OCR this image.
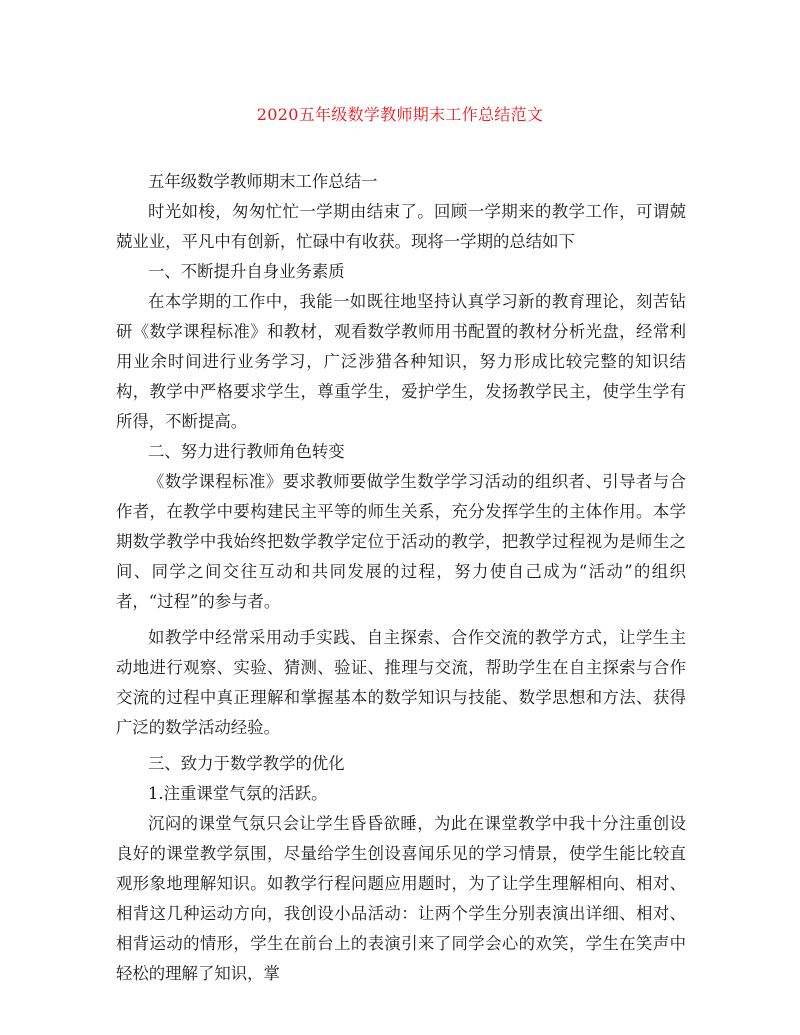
2020五年级数学教师期末工作总结范文

五年级数学教师期末工作总结一

时光如梭，匆匆忙忙一学期由结束了。回顾一学期来的教学工作，可谓兢兢业业，平凡中有创新，忙碌中有收获。现将一学期的总结如下

一、不断提升自身业务素质

在本学期的工作中，我能一如既往地坚持认真学习新的教育理论，刻苦钻研《数学课程标准》和教材，观看数学教师用书配置的教材分析光盘，经常利用业余时间进行业务学习，广泛涉猎各种知识，努力形成比较完整的知识结构，教学中严格要求学生，尊重学生，爱护学生，发扬教学民主，使学生学有所得，不断提高。

二、努力进行教师角色转变

《数学课程标准》要求教师要做学生数学学习活动的组织者、引导者与合作者，在教学中要构建民主平等的师生关系，充分发挥学生的主体作用。本学期数学教学中我始终把数学教学定位于活动的教学，把教学过程视为是师生之间、同学之间交往互动和共同发展的过程，努力使自己成为“活动”的组织者，“过程”的参与者。

如教学中经常采用动手实践、自主探索、合作交流的教学方式，让学生主动地进行观察、实验、猜测、验证、推理与交流，帮助学生在自主探索与合作交流的过程中真正理解和掌握基本的数学知识与技能、数学思想和方法、获得广泛的数学活动经验。

三、致力于数学教学的优化

1.注重课堂气氛的活跃。

沉闷的课堂气氛只会让学生昏昏欲睡，为此在课堂教学中我十分注重创设良好的课堂教学氛围，尽量给学生创设喜闻乐见的学习情景，使学生能比较直观形象地理解知识。如教学行程问题应用题时，为了让学生理解相向、相对、相背这几种运动方向，我创设小品活动：让两个学生分别表演出详细、相对、相背运动的情形，学生在前台上的表演引来了同学会心的欢笑，学生在笑声中轻松的理解了知识，掌
